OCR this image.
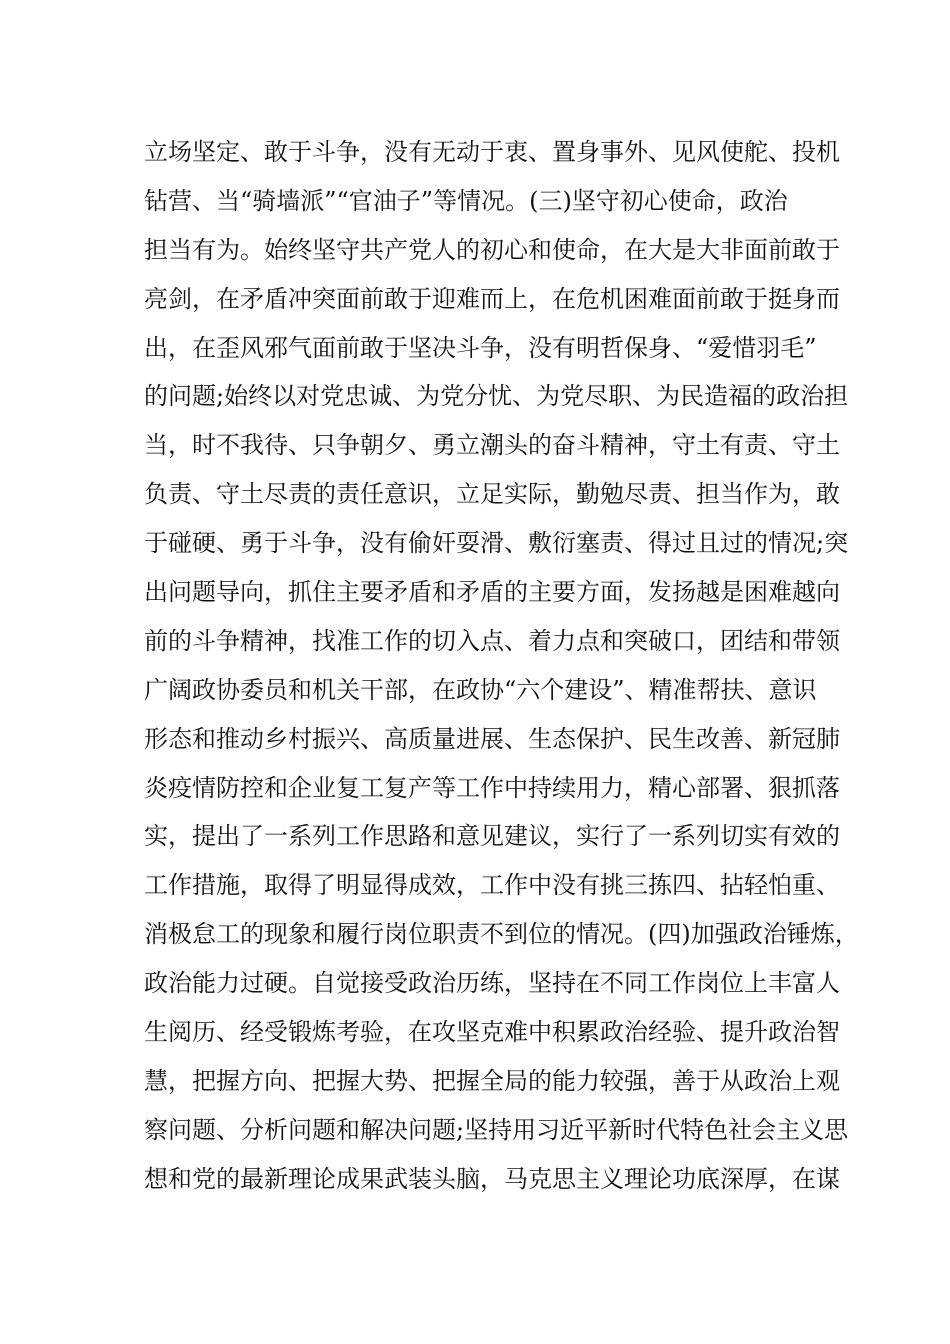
立场坚定、敢于斗争，没有无动于衷、置身事外、见风使舵、投机
钻营、当“骑墙派”“官油子”等情况。(三)坚守初心使命，政治
担当有为。始终坚守共产党人的初心和使命，在大是大非面前敢于
亮剑，在矛盾冲突面前敢于迎难而上，在危机困难面前敢于挺身而
出，在歪风邪气面前敢于坚决斗争，没有明哲保身、“爱惜羽毛”
的问题;始终以对党忠诚、为党分忧、为党尽职、为民造福的政治担
当，时不我待、只争朝夕、勇立潮头的奋斗精神，守土有责、守土
负责、守土尽责的责任意识，立足实际，勤勉尽责、担当作为，敢
于碰硬、勇于斗争，没有偷奸耍滑、敷衍塞责、得过且过的情况;突
出问题导向，抓住主要矛盾和矛盾的主要方面，发扬越是困难越向
前的斗争精神，找准工作的切入点、着力点和突破口，团结和带领
广阔政协委员和机关干部，在政协“六个建设”、精准帮扶、意识
形态和推动乡村振兴、高质量进展、生态保护、民生改善、新冠肺
炎疫情防控和企业复工复产等工作中持续用力，精心部署、狠抓落
实，提出了一系列工作思路和意见建议，实行了一系列切实有效的
工作措施，取得了明显得成效，工作中没有挑三拣四、拈轻怕重、
消极怠工的现象和履行岗位职责不到位的情况。(四)加强政治锤炼，
政治能力过硬。自觉接受政治历练，坚持在不同工作岗位上丰富人
生阅历、经受锻炼考验，在攻坚克难中积累政治经验、提升政治智
慧，把握方向、把握大势、把握全局的能力较强，善于从政治上观
察问题、分析问题和解决问题;坚持用习近平新时代特色社会主义思
想和党的最新理论成果武装头脑，马克思主义理论功底深厚，在谋
